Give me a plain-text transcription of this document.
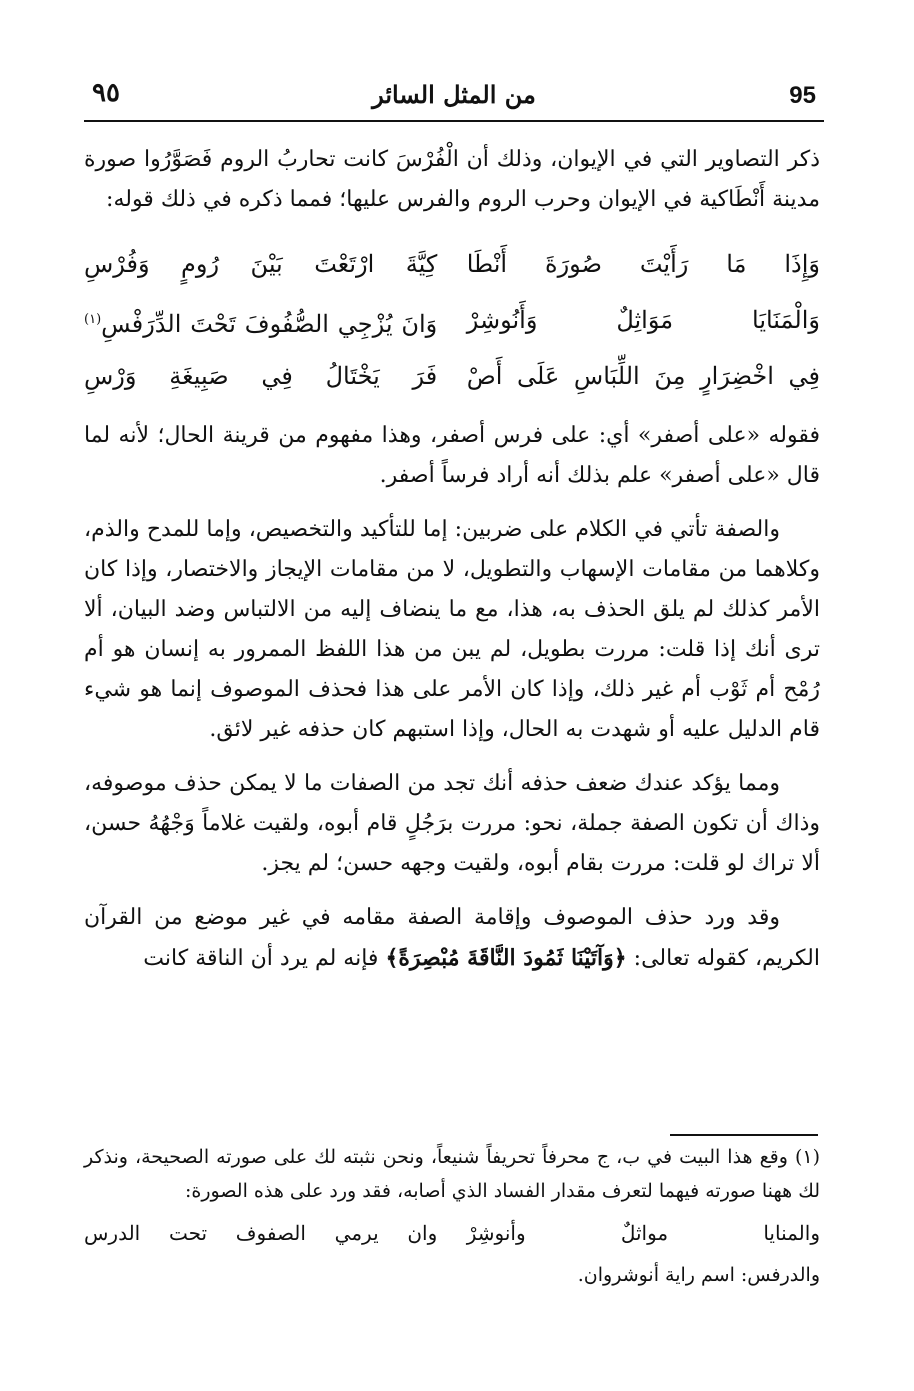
95
من المثل السائر
٩٥

ذكر التصاوير التي في الإيوان، وذلك أن الْفُرْسَ كانت تحاربُ الروم فَصَوَّرُوا صورة مدينة أَنْطَاكية في الإيوان وحرب الروم والفرس عليها؛ فمما ذكره في ذلك قوله:

وَإِذَا مَا رَأَيْتَ صُورَةَ أَنْطَا
كِيَّةَ ارْتَعْتَ بَيْنَ رُومٍ وَفُرْسِ
وَالْمَنَايَا مَوَاثِلٌ وَأَنُوشِرْ
وَانَ يُزْجِي الصُّفُوفَ تَحْتَ الدِّرَفْسِ$^{(١)}$
فِي اخْضِرَارٍ مِنَ اللِّبَاسِ عَلَى أَصْ
فَرَ يَخْتَالُ فِي صَبِيغَةِ وَرْسِ

فقوله «على أصفر» أي: على فرس أصفر، وهذا مفهوم من قرينة الحال؛ لأنه لما قال «على أصفر» علم بذلك أنه أراد فرساً أصفر.

والصفة تأتي في الكلام على ضربين: إما للتأكيد والتخصيص، وإما للمدح والذم، وكلاهما من مقامات الإسهاب والتطويل، لا من مقامات الإيجاز والاختصار، وإذا كان الأمر كذلك لم يلق الحذف به، هذا، مع ما ينضاف إليه من الالتباس وضد البيان، ألا ترى أنك إذا قلت: مررت بطويل، لم يبن من هذا اللفظ الممرور به إنسان هو أم رُمْح أم ثَوْب أم غير ذلك، وإذا كان الأمر على هذا فحذف الموصوف إنما هو شيء قام الدليل عليه أو شهدت به الحال، وإذا استبهم كان حذفه غير لائق.

ومما يؤكد عندك ضعف حذفه أنك تجد من الصفات ما لا يمكن حذف موصوفه، وذاك أن تكون الصفة جملة، نحو: مررت برَجُلٍ قام أبوه، ولقيت غلاماً وَجْهُهُ حسن، ألا تراك لو قلت: مررت بقام أبوه، ولقيت وجهه حسن؛ لم يجز.

وقد ورد حذف الموصوف وإقامة الصفة مقامه في غير موضع من القرآن الكريم، كقوله تعالى: ﴿وَآتَيْنَا ثَمُودَ النَّاقَةَ مُبْصِرَةً﴾ فإنه لم يرد أن الناقة كانت

(١) وقع هذا البيت في ب، ج محرفاً تحريفاً شنيعاً، ونحن نثبته لك على صورته الصحيحة، ونذكر لك ههنا صورته فيهما لتعرف مقدار الفساد الذي أصابه، فقد ورد على هذه الصورة:
والمنايا مواثلٌ وأنوشِرْ
وان يرمي الصفوف تحت الدرس
والدرفس: اسم راية أنوشروان.
